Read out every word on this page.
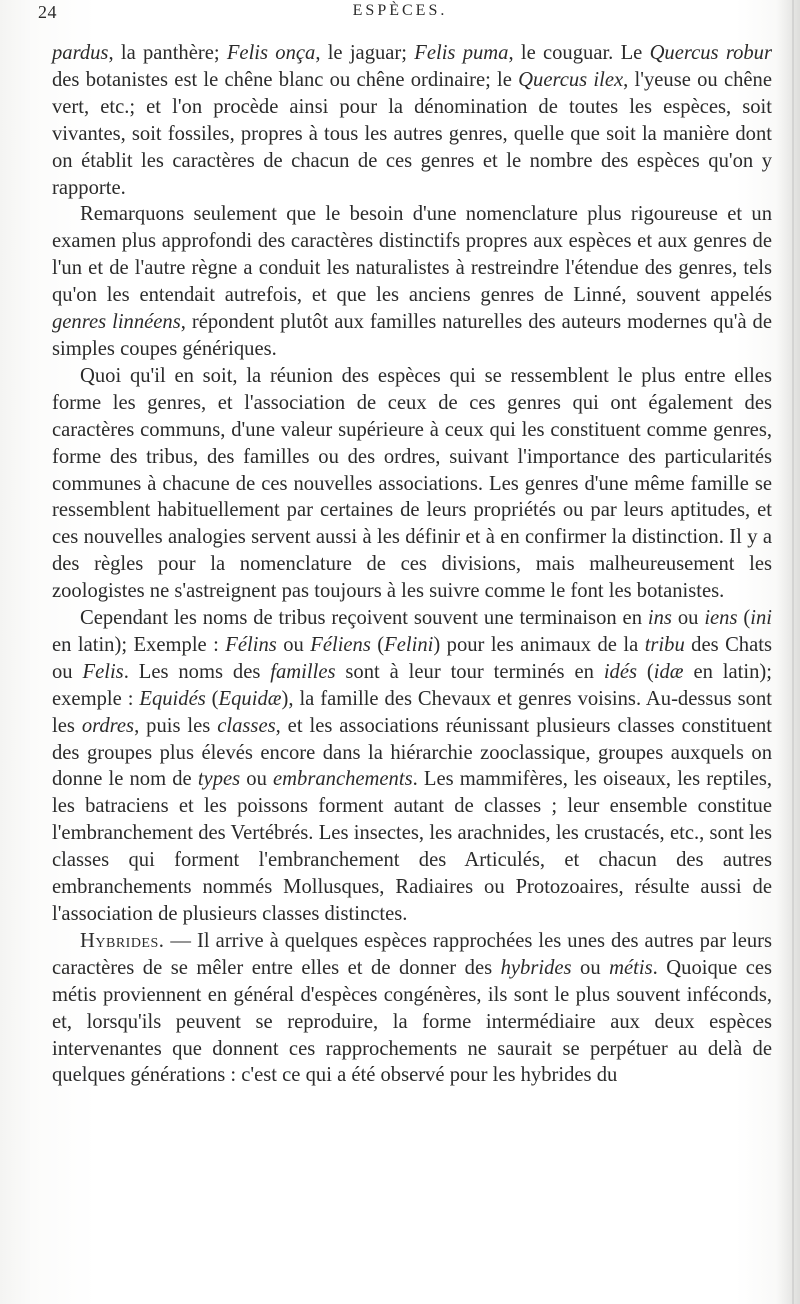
24	ESPÈCES.

pardus, la panthère; Felis onça, le jaguar; Felis puma, le couguar. Le Quercus robur des botanistes est le chêne blanc ou chêne ordinaire; le Quercus ilex, l'yeuse ou chêne vert, etc.; et l'on procède ainsi pour la dénomination de toutes les espèces, soit vivantes, soit fossiles, propres à tous les autres genres, quelle que soit la manière dont on établit les caractères de chacun de ces genres et le nombre des espèces qu'on y rapporte.

Remarquons seulement que le besoin d'une nomenclature plus rigoureuse et un examen plus approfondi des caractères distinctifs propres aux espèces et aux genres de l'un et de l'autre règne a conduit les naturalistes à restreindre l'étendue des genres, tels qu'on les entendait autrefois, et que les anciens genres de Linné, souvent appelés genres linnéens, répondent plutôt aux familles naturelles des auteurs modernes qu'à de simples coupes génériques.

Quoi qu'il en soit, la réunion des espèces qui se ressemblent le plus entre elles forme les genres, et l'association de ceux de ces genres qui ont également des caractères communs, d'une valeur supérieure à ceux qui les constituent comme genres, forme des tribus, des familles ou des ordres, suivant l'importance des particularités communes à chacune de ces nouvelles associations. Les genres d'une même famille se ressemblent habituellement par certaines de leurs propriétés ou par leurs aptitudes, et ces nouvelles analogies servent aussi à les définir et à en confirmer la distinction. Il y a des règles pour la nomenclature de ces divisions, mais malheureusement les zoologistes ne s'astreignent pas toujours à les suivre comme le font les botanistes.

Cependant les noms de tribus reçoivent souvent une terminaison en ins ou iens (ini en latin); Exemple : Félins ou Féliens (Felini) pour les animaux de la tribu des Chats ou Felis. Les noms des familles sont à leur tour terminés en idés (idæ en latin); exemple : Equidés (Equidæ), la famille des Chevaux et genres voisins. Au-dessus sont les ordres, puis les classes, et les associations réunissant plusieurs classes constituent des groupes plus élevés encore dans la hiérarchie zooclassique, groupes auxquels on donne le nom de types ou embranchements. Les mammifères, les oiseaux, les reptiles, les batraciens et les poissons forment autant de classes ; leur ensemble constitue l'embranchement des Vertébrés. Les insectes, les arachnides, les crustacés, etc., sont les classes qui forment l'embranchement des Articulés, et chacun des autres embranchements nommés Mollusques, Radiaires ou Protozoaires, résulte aussi de l'association de plusieurs classes distinctes.

Hybrides. — Il arrive à quelques espèces rapprochées les unes des autres par leurs caractères de se mêler entre elles et de donner des hybrides ou métis. Quoique ces métis proviennent en général d'espèces congénères, ils sont le plus souvent inféconds, et, lorsqu'ils peuvent se reproduire, la forme intermédiaire aux deux espèces intervenantes que donnent ces rapprochements ne saurait se perpétuer au delà de quelques générations : c'est ce qui a été observé pour les hybrides du
